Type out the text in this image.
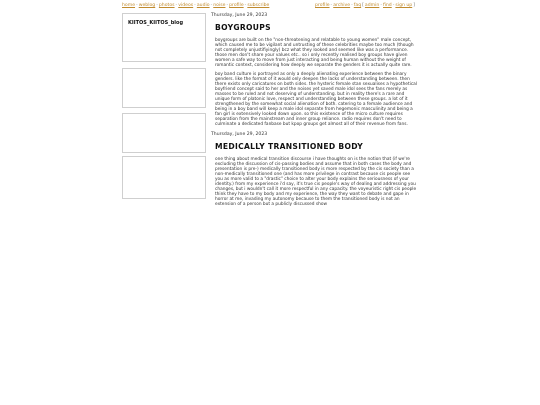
home-weblog-photos-videos-audio-noise-profile-subscribe	profile-archive-faq[admin-find-sign up]
KIITOS_KIITOS_blog
Thursday, June 29, 2023
BOYGROUPS

boygroups are built on the "non-threatening and relatable to young women" male concept, which caused me to be vigilant and untrusting of these celebrities maybe too much (though not completely unjustifiyingly) bcz what they looked and seemed like was a performance. those men don't share your values etc.. so i only recently realised boy groups have given women a safe way to move from just interacting and being human without the weight of romantic context, considering how deeply we separate the genders it is actually quite rare.

boy band culture is portrayed as only a deeply alienating experience between the binary genders. like the format of it would only deepen the lacks of understanding between. then there exists only caricatures on both sides. the hysteric female stan sexualises a hypothetical boyfriend concept said to her and the noises yet saved male idol sees the fans merely as masses to be ruled and not deserving of understanding. but in reality there's a rare and unique form of platonic love, respect and understanding between these groups. a lot of it strengthened by the somewhat social alienation of both. catering to a female audience and being in a boy band will keep a male idol separate from hegemonic masculinity and being a fan girl is extensively looked down upon. so this existence of the micro culture requires separation from the mainstream and inner group reliance. radio requires don't need to culminate a dedicated fanbase but kpop groups get almost all of their revenue from fans.

Thursday, June 29, 2023
MEDICALLY TRANSITIONED BODY

one thing about medical transition discourse i have thoughts on is the notion that (if we're excluding the discussion of cis-passing bodies and assume that in both cases the body and presentation is pre-) medically transitioned body is more respected by the cis society than a non-medically transitioned one (and has more privilege in contrast because cis people see you as more valid to a "drastic" choice to alter your body explains the seriousness of your identity.) from my experience i'd say, it's true cis people's way of dealing and addressing you changes, but i wouldn't call it more respectful in any capacity. the voyeuristic right cis people think they have to my body and my experience, the way they want to debate and gape in horror at me, invading my autonomy because to them the transitioned body is not an extension of a person but a publicly discussed show
